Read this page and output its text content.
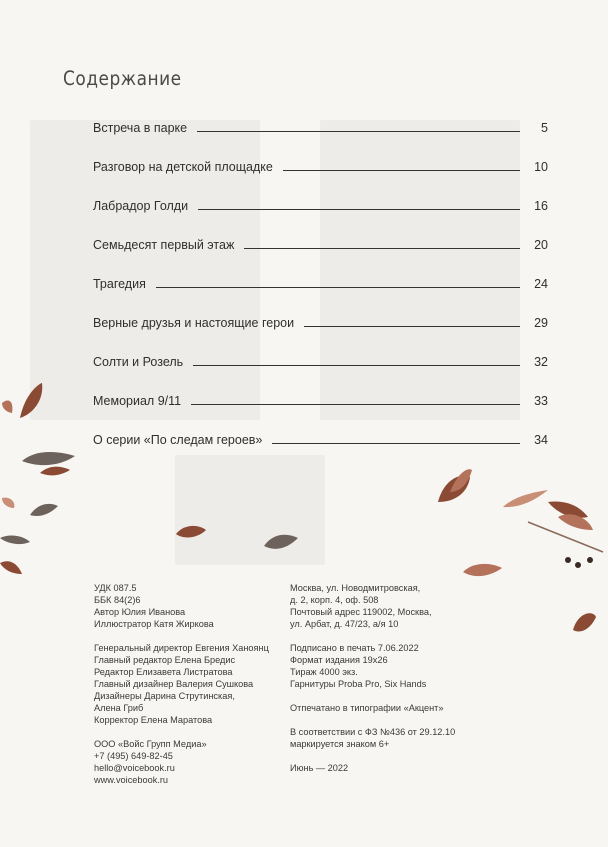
Содержание
Встреча в парке	5
Разговор на детской площадке	10
Лабрадор Голди	16
Семьдесят первый этаж	20
Трагедия	24
Верные друзья и настоящие герои	29
Солти и Розель	32
Мемориал 9/11	33
О серии «По следам героев»	34

УДК 087.5
ББК 84(2)6
Автор Юлия Иванова
Иллюстратор Катя Жиркова

Генеральный директор Евгения Ханоянц
Главный редактор Елена Бредис
Редактор Елизавета Листратова
Главный дизайнер Валерия Сушкова
Дизайнеры Дарина Струтинская,
Алена Гриб
Корректор Елена Маратова

ООО «Войс Групп Медиа»
+7 (495) 649-82-45
hello@voicebook.ru
www.voicebook.ru

Москва, ул. Новодмитровская,
д. 2, корп. 4, оф. 508
Почтовый адрес 119002, Москва,
ул. Арбат, д. 47/23, а/я 10

Подписано в печать 7.06.2022
Формат издания 19х26
Тираж 4000 экз.
Гарнитуры Proba Pro, Six Hands

Отпечатано в типографии «Акцент»

В соответствии с ФЗ №436 от 29.12.10
маркируется знаком 6+

Июнь — 2022
